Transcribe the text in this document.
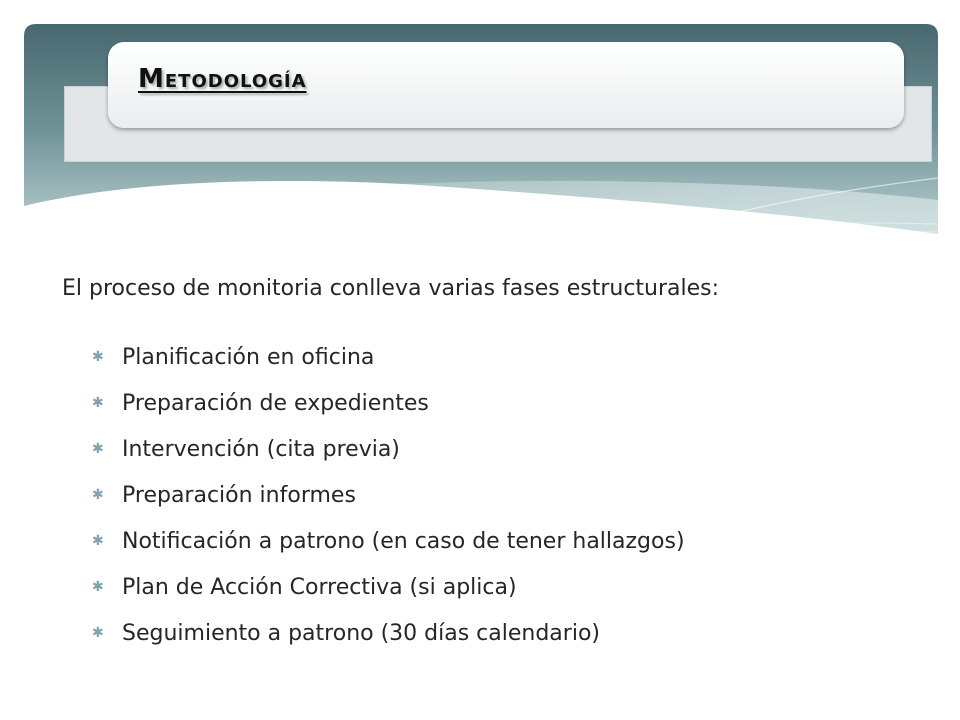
Metodología

El proceso de monitoria conlleva varias fases estructurales:

✱ Planificación en oficina
✱ Preparación de expedientes
✱ Intervención (cita previa)
✱ Preparación informes
✱ Notificación a patrono (en caso de tener hallazgos)
✱ Plan de Acción Correctiva (si aplica)
✱ Seguimiento a patrono (30 días calendario)
